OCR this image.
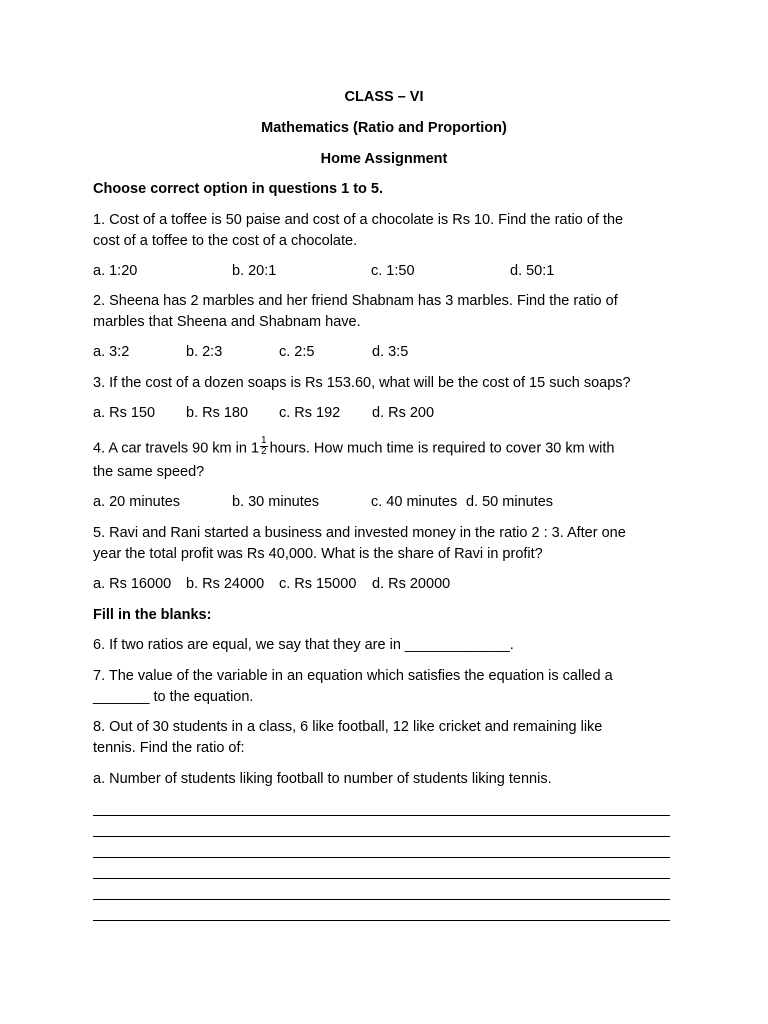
CLASS – VI
Mathematics (Ratio and Proportion)
Home Assignment
Choose correct option in questions 1 to 5.
1. Cost of a toffee is 50 paise and cost of a chocolate is Rs 10. Find the ratio of the
cost of a toffee to the cost of a chocolate.
a. 1:20	b. 20:1	c. 1:50	d. 50:1
2. Sheena has 2 marbles and her friend Shabnam has 3 marbles. Find the ratio of
marbles that Sheena and Shabnam have.
a. 3:2	b. 2:3	c. 2:5	d. 3:5
3. If the cost of a dozen soaps is Rs 153.60, what will be the cost of 15 such soaps?
a. Rs 150 b. Rs 180 c. Rs 192 d. Rs 200
4. A car travels 90 km in $1 \frac{1}{2}$ hours. How much time is required to cover 30 km with
the same speed?
a. 20 minutes	b. 30 minutes	c. 40 minutes d. 50 minutes
5. Ravi and Rani started a business and invested money in the ratio 2 : 3. After one
year the total profit was Rs 40,000. What is the share of Ravi in profit?
a. Rs 16000 b. Rs 24000 c. Rs 15000 d. Rs 20000
Fill in the blanks:
6. If two ratios are equal, we say that they are in _____________.
7. The value of the variable in an equation which satisfies the equation is called a
_______ to the equation.
8. Out of 30 students in a class, 6 like football, 12 like cricket and remaining like
tennis. Find the ratio of:
a. Number of students liking football to number of students liking tennis.
